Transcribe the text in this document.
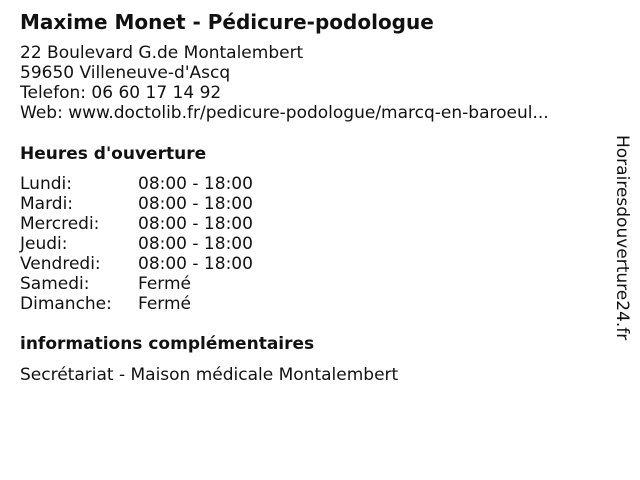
Maxime Monet - Pédicure-podologue
22 Boulevard G.de Montalembert
59650 Villeneuve-d'Ascq
Telefon: 06 60 17 14 92
Web: www.doctolib.fr/pedicure-podologue/marcq-en-baroeul...
Heures d'ouverture
Lundi:	08:00 - 18:00
Mardi:	08:00 - 18:00
Mercredi:	08:00 - 18:00
Jeudi:	08:00 - 18:00
Vendredi:	08:00 - 18:00
Samedi:	Fermé
Dimanche:	Fermé
informations complémentaires
Secrétariat - Maison médicale Montalembert
Horairesdouverture24.fr
